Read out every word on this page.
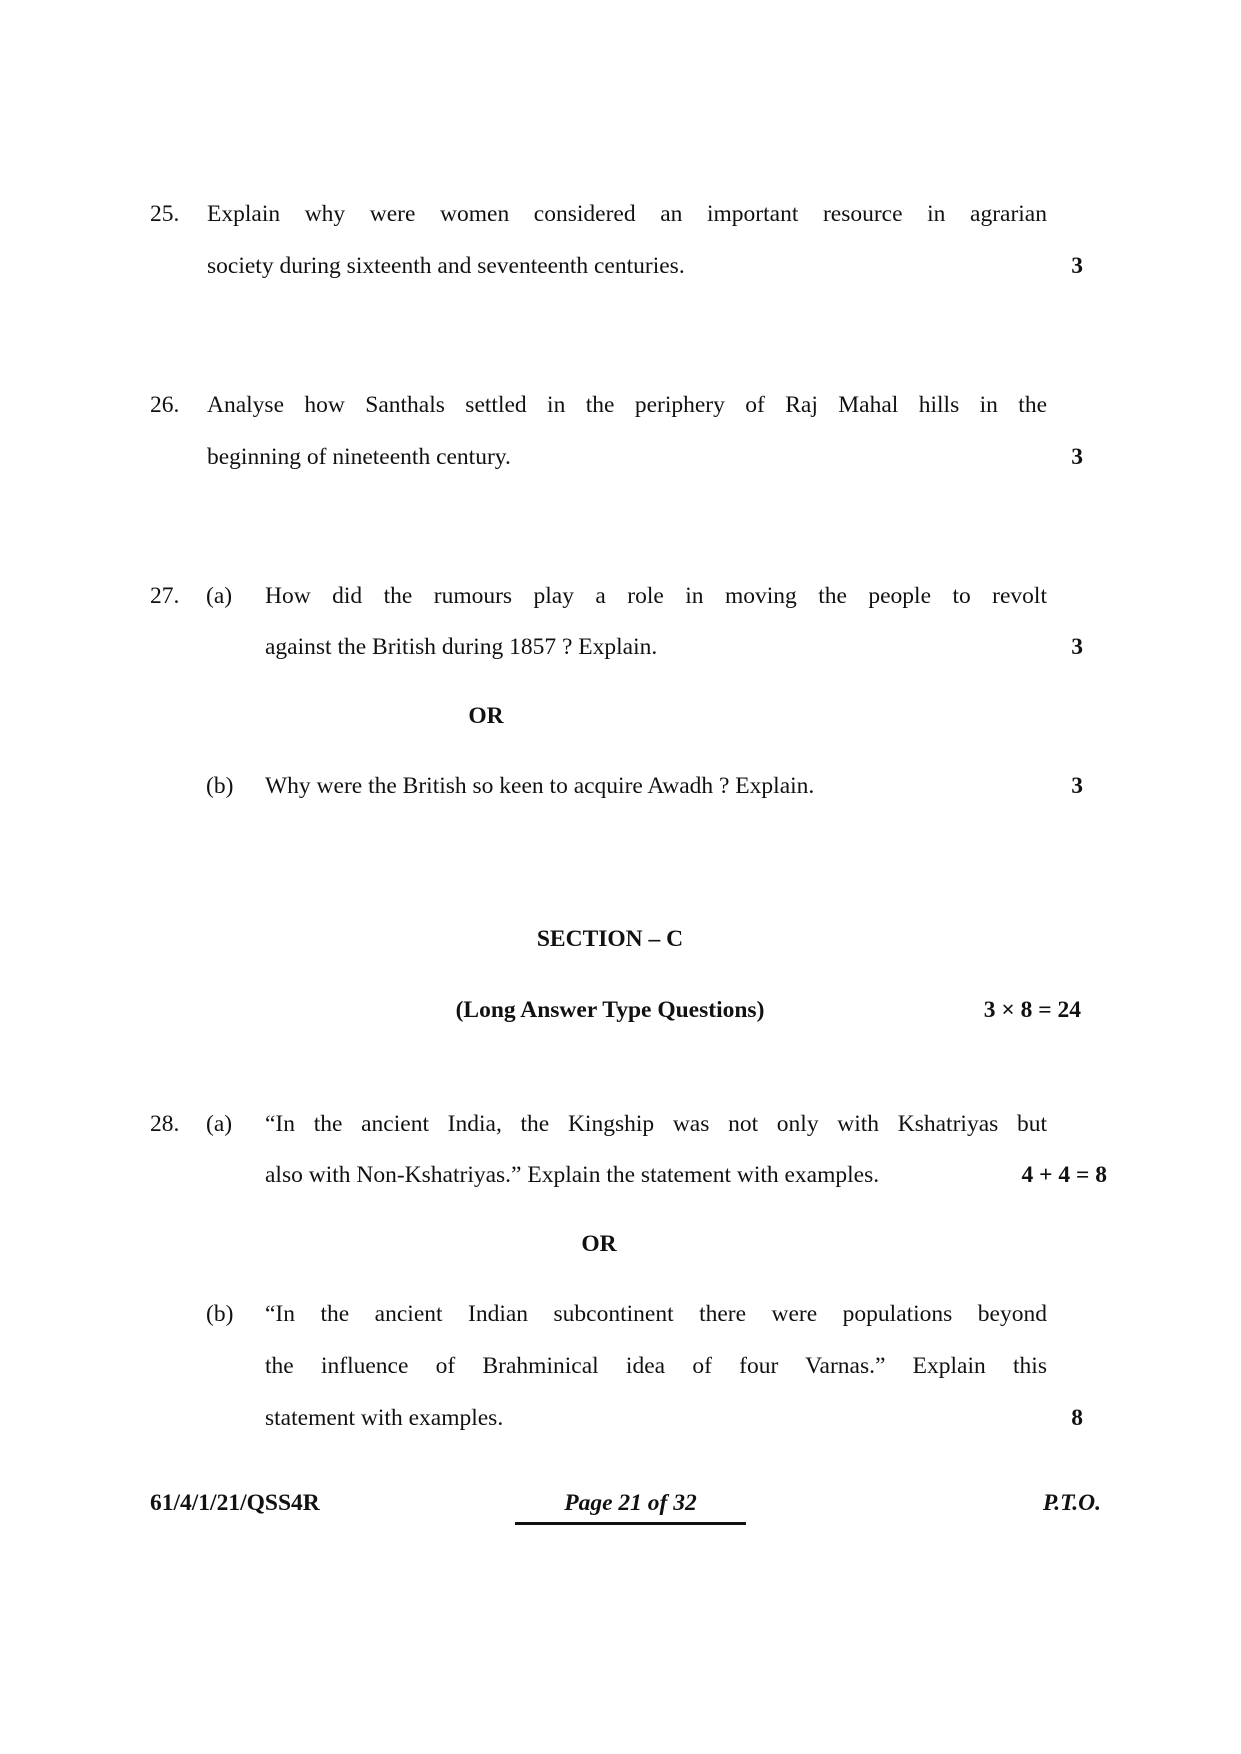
25. Explain why were women considered an important resource in agrarian
society during sixteenth and seventeenth centuries.	3
26. Analyse how Santhals settled in the periphery of Raj Mahal hills in the
beginning of nineteenth century.	3
27. (a) How did the rumours play a role in moving the people to revolt
against the British during 1857 ? Explain.	3
OR
(b) Why were the British so keen to acquire Awadh ? Explain.	3
SECTION – C
(Long Answer Type Questions)	3 × 8 = 24
28. (a) “In the ancient India, the Kingship was not only with Kshatriyas but
also with Non-Kshatriyas.” Explain the statement with examples.	4 + 4 = 8
OR
(b) “In the ancient Indian subcontinent there were populations beyond
the influence of Brahminical idea of four Varnas.” Explain this
statement with examples.	8
61/4/1/21/QSS4R	Page 21 of 32	P.T.O.
